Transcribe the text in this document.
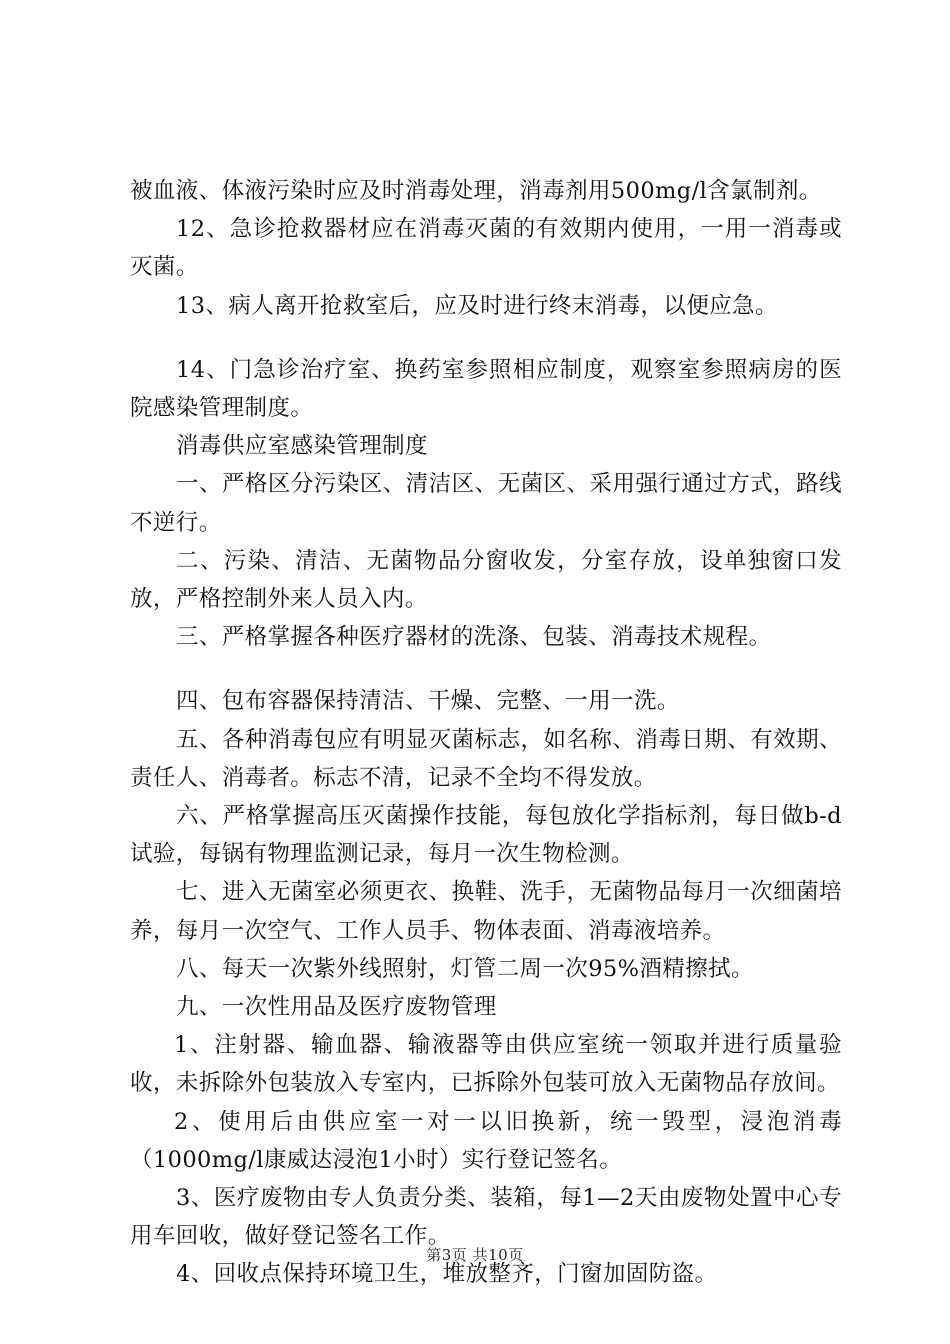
被血液、体液污染时应及时消毒处理，消毒剂用500mg/l含氯制剂。

12、急诊抢救器材应在消毒灭菌的有效期内使用，一用一消毒或灭菌。

13、病人离开抢救室后，应及时进行终末消毒，以便应急。

14、门急诊治疗室、换药室参照相应制度，观察室参照病房的医院感染管理制度。

消毒供应室感染管理制度

一、严格区分污染区、清洁区、无菌区、采用强行通过方式，路线不逆行。

二、污染、清洁、无菌物品分窗收发，分室存放，设单独窗口发放，严格控制外来人员入内。

三、严格掌握各种医疗器材的洗涤、包装、消毒技术规程。

四、包布容器保持清洁、干燥、完整、一用一洗。

五、各种消毒包应有明显灭菌标志，如名称、消毒日期、有效期、责任人、消毒者。标志不清，记录不全均不得发放。

六、严格掌握高压灭菌操作技能，每包放化学指标剂，每日做b-d试验，每锅有物理监测记录，每月一次生物检测。

七、进入无菌室必须更衣、换鞋、洗手，无菌物品每月一次细菌培养，每月一次空气、工作人员手、物体表面、消毒液培养。

八、每天一次紫外线照射，灯管二周一次95%酒精擦拭。

九、一次性用品及医疗废物管理

1、注射器、输血器、输液器等由供应室统一领取并进行质量验收，未拆除外包装放入专室内，已拆除外包装可放入无菌物品存放间。

2、使用后由供应室一对一以旧换新，统一毁型，浸泡消毒（1000mg/l康威达浸泡1小时）实行登记签名。

3、医疗废物由专人负责分类、装箱，每1—2天由废物处置中心专用车回收，做好登记签名工作。

4、回收点保持环境卫生，堆放整齐，门窗加固防盗。

第3页 共10页
